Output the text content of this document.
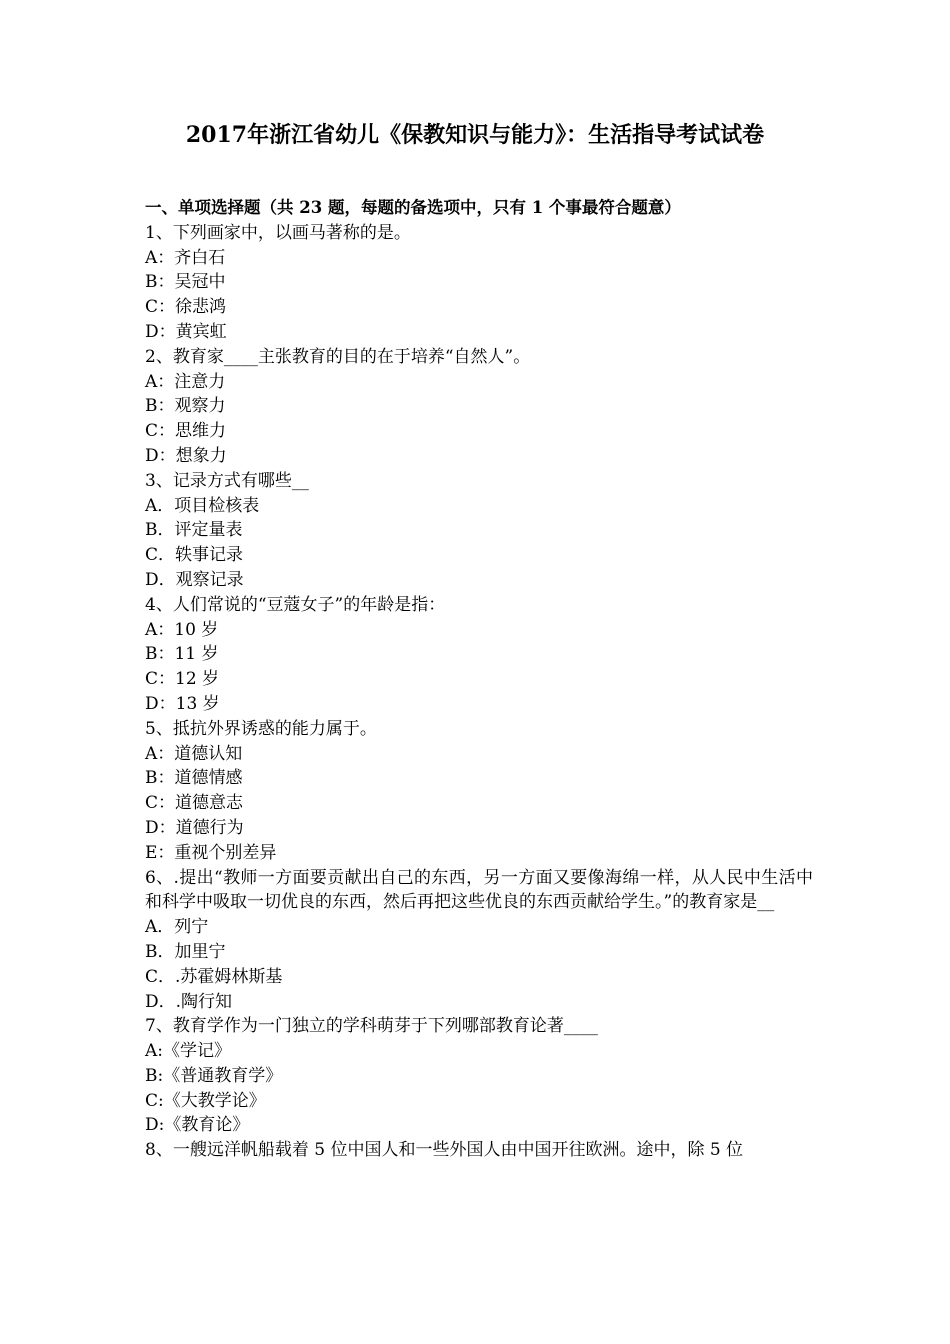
2017年浙江省幼儿《保教知识与能力》：生活指导考试试卷
一、单项选择题（共 23 题，每题的备选项中，只有 1 个事最符合题意）
1、下列画家中，以画马著称的是。
A：齐白石
B：吴冠中
C：徐悲鸿
D：黄宾虹
2、教育家____主张教育的目的在于培养“自然人”。
A：注意力
B：观察力
C：思维力
D：想象力
3、记录方式有哪些__
A．项目检核表
B．评定量表
C．轶事记录
D．观察记录
4、人们常说的“豆蔻女子”的年龄是指：
A：10 岁
B：11 岁
C：12 岁
D：13 岁
5、抵抗外界诱惑的能力属于。
A：道德认知
B：道德情感
C：道德意志
D：道德行为
E：重视个别差异
6、.提出“教师一方面要贡献出自己的东西，另一方面又要像海绵一样，从人民中生活中和科学中吸取一切优良的东西，然后再把这些优良的东西贡献给学生。”的教育家是__
A．列宁
B．加里宁
C．.苏霍姆林斯基
D．.陶行知
7、教育学作为一门独立的学科萌芽于下列哪部教育论著____
A:《学记》
B:《普通教育学》
C:《大教学论》
D:《教育论》
8、一艘远洋帆船载着 5 位中国人和一些外国人由中国开往欧洲。途中，除 5 位
